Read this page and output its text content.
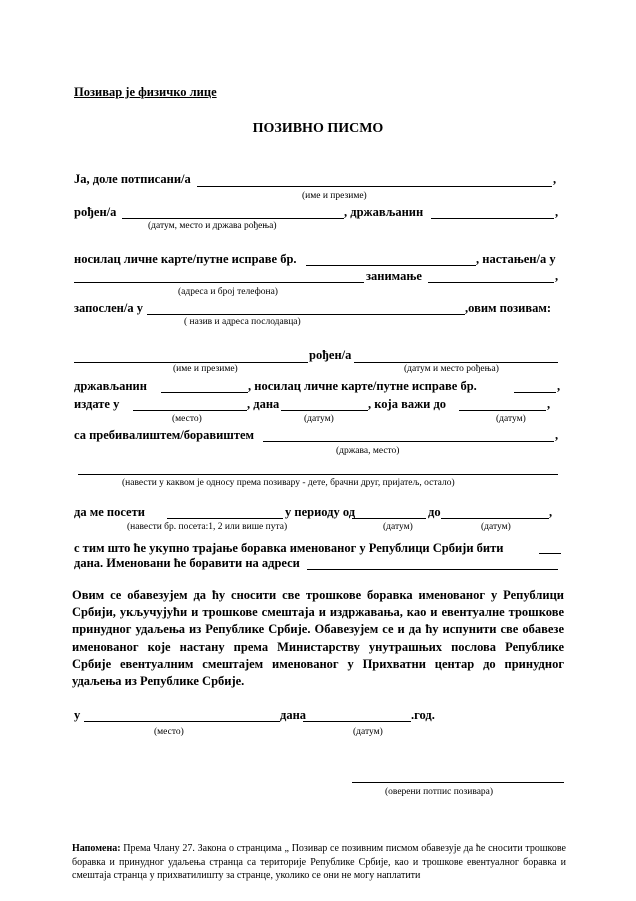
Позивар је физичко лице
ПОЗИВНО ПИСМО
Ја, доле потписани/а	,
(име и презиме)
рођен/а	, држављанин	,
(датум, место и држава рођења)
носилац личне карте/путне исправе бр.	, настањен/а у
занимање	,
(адреса и број телефона)
запослен/а у	,овим позивам:
( назив и адреса послодавца)
рођен/а
(име и презиме)	(датум и место рођења)
држављанин	, носилац личне карте/путне исправе бр.	,
издате у	, дана	, која важи до	,
(место)	(датум)	(датум)
са пребивалиштем/боравиштем	,
(држава, место)
(навести у каквом је односу према позивару - дете, брачни друг, пријатељ, остало)
да ме посети	у периоду од	до	,
(навести бр. посета:1, 2 или више пута)	(датум)	(датум)
с тим што ће укупно трајање боравка именованог у Републици Србији бити
дана. Именовани ће боравити на адреси
Овим се обавезујем да ћу сносити све трошкове боравка именованог у Републици Србији, укључујући и трошкове смештаја и издржавања, као и евентуалне трошкове принудног удаљења из Републике Србије. Обавезујем се и да ћу испунити све обавезе именованог које настану према Министарству унутрашњих послова Републике Србије евентуалним смештајем именованог у Прихватни центар до принудног удаљења из Републике Србије.
у	дана	.год.
(место)	(датум)
(оверени потпис позивара)
Напомена: Према Члану 27. Закона о странцима „ Позивар се позивним писмом обавезује да ће сносити трошкове боравка и принудног удаљења странца са територије Републике Србије, као и трошкове евентуалног боравка и смештаја странца у прихватилишту за странце, уколико се они не могу наплатити
